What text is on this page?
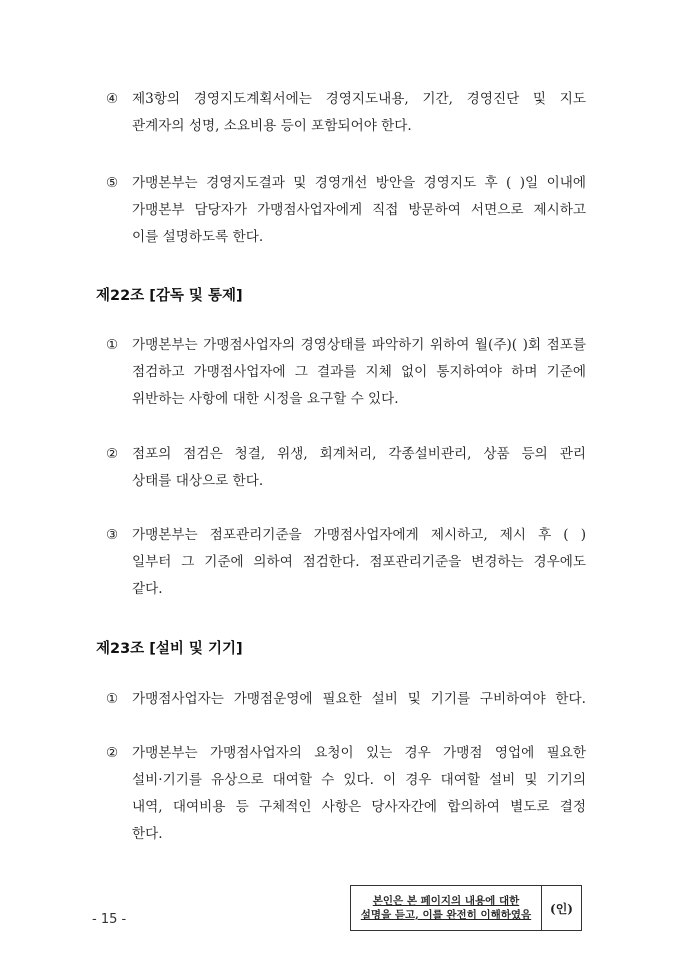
④	제3항의 경영지도계획서에는 경영지도내용, 기간, 경영진단 및 지도
관계자의 성명, 소요비용 등이 포함되어야 한다.
⑤	가맹본부는 경영지도결과 및 경영개선 방안을 경영지도 후 ( )일 이내에
가맹본부 담당자가 가맹점사업자에게 직접 방문하여 서면으로 제시하고
이를 설명하도록 한다.
제22조 [감독 및 통제]
①	가맹본부는 가맹점사업자의 경영상태를 파악하기 위하여 월(주)( )회 점포를
점검하고 가맹점사업자에 그 결과를 지체 없이 통지하여야 하며 기준에
위반하는 사항에 대한 시정을 요구할 수 있다.
②	점포의 점검은 청결, 위생, 회계처리, 각종설비관리, 상품 등의 관리
상태를 대상으로 한다.
③	가맹본부는 점포관리기준을 가맹점사업자에게 제시하고, 제시 후 ( )
일부터 그 기준에 의하여 점검한다. 점포관리기준을 변경하는 경우에도
같다.
제23조 [설비 및 기기]
①	가맹점사업자는 가맹점운영에 필요한 설비 및 기기를 구비하여야 한다.
②	가맹본부는 가맹점사업자의 요청이 있는 경우 가맹점 영업에 필요한
설비·기기를 유상으로 대여할 수 있다. 이 경우 대여할 설비 및 기기의
내역, 대여비용 등 구체적인 사항은 당사자간에 합의하여 별도로 결정
한다.
- 15 -
본인은 본 페이지의 내용에 대한
설명을 듣고, 이를 완전히 이해하였음	(인)
